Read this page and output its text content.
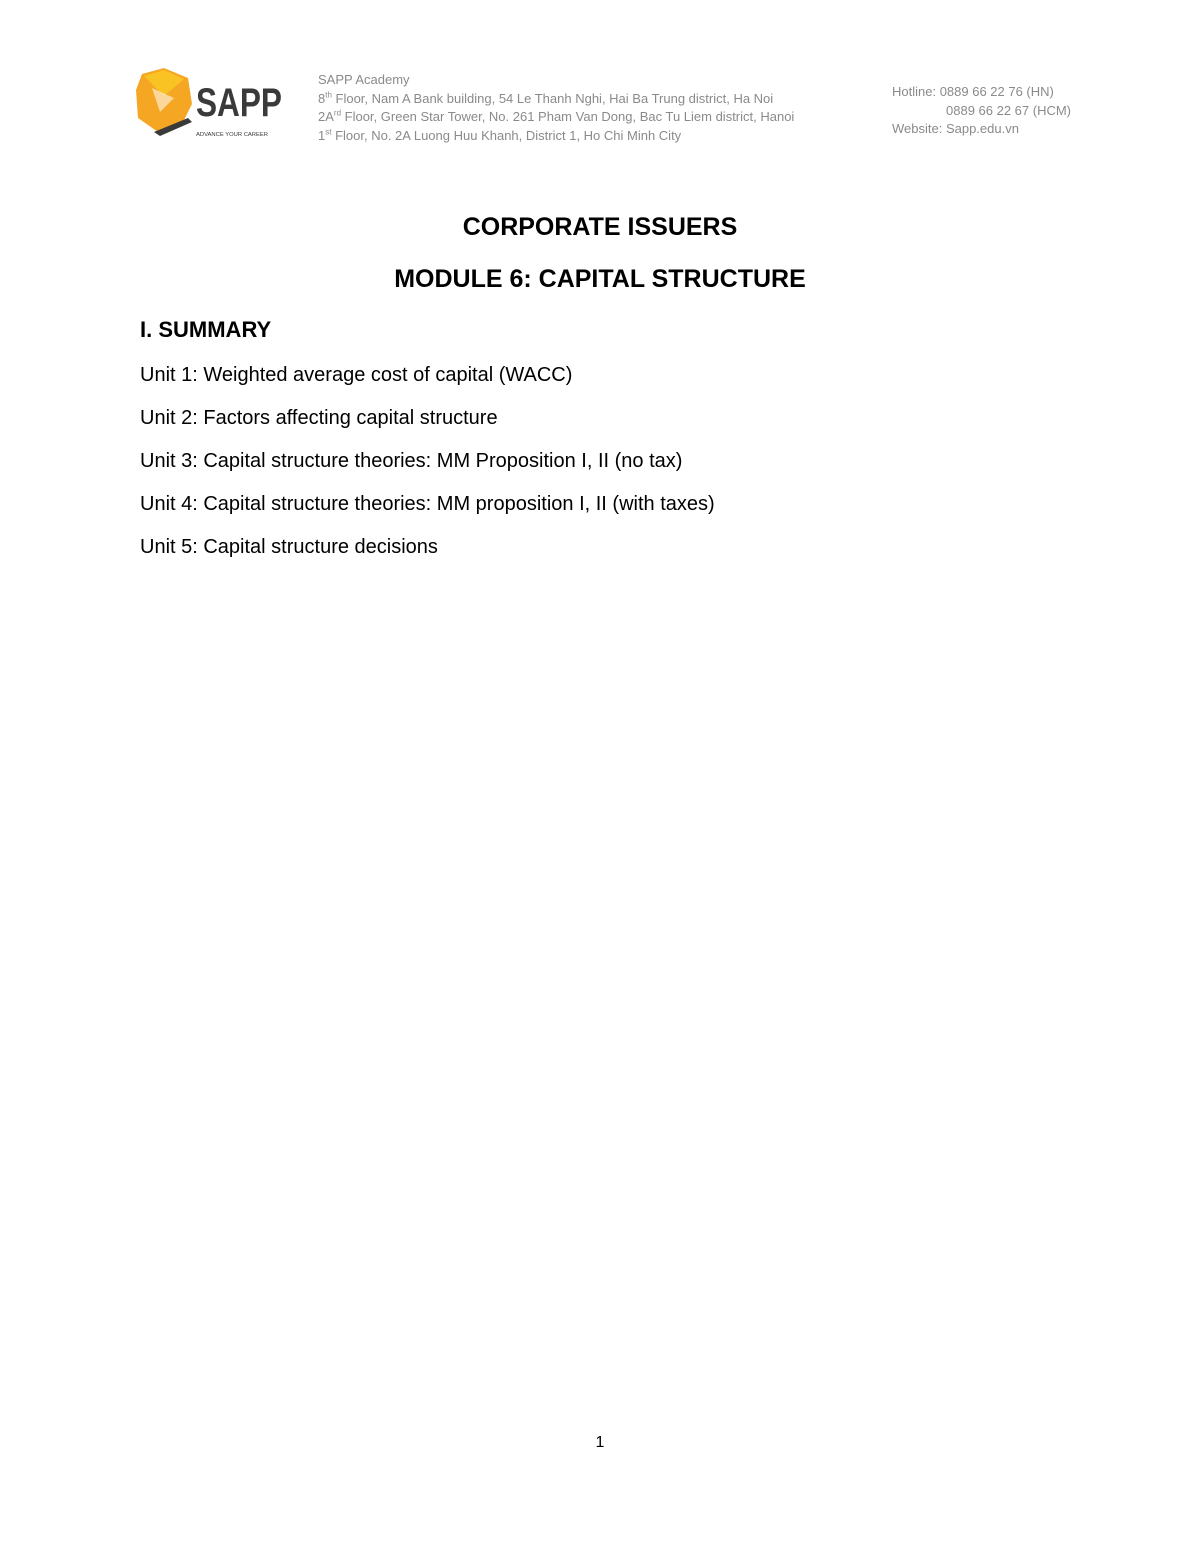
SAPP
ADVANCE YOUR CAREER
SAPP Academy
8th Floor, Nam A Bank building, 54 Le Thanh Nghi, Hai Ba Trung district, Ha Noi
$2A^{rd}$ Floor, Green Star Tower, No. 261 Pham Van Dong, Bac Tu Liem district, Hanoi
1st Floor, No. 2A Luong Huu Khanh, District 1, Ho Chi Minh City
Hotline: 0889 66 22 76 (HN)
0889 66 22 67 (HCM)
Website: Sapp.edu.vn
CORPORATE ISSUERS
MODULE 6: CAPITAL STRUCTURE
I. SUMMARY
Unit 1: Weighted average cost of capital (WACC)
Unit 2: Factors affecting capital structure
Unit 3: Capital structure theories: MM Proposition I, II (no tax)
Unit 4: Capital structure theories: MM proposition I, II (with taxes)
Unit 5: Capital structure decisions
1
